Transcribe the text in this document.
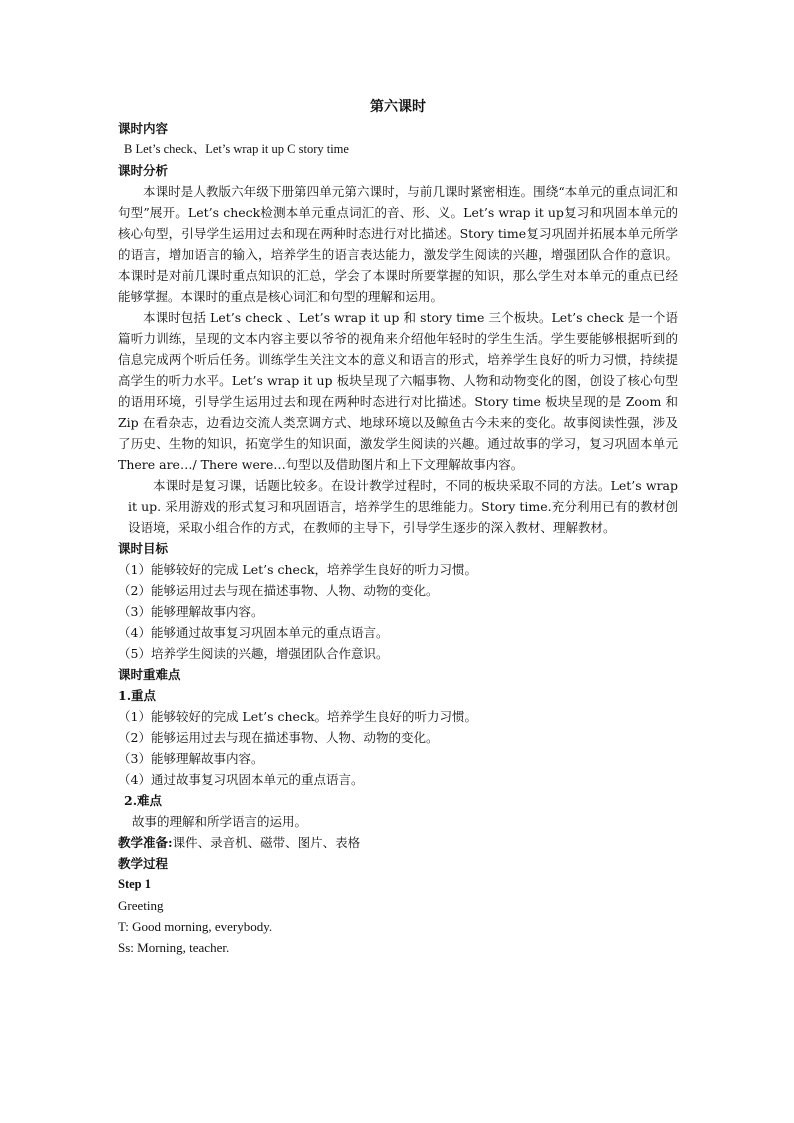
第六课时

课时内容

B Let’s check、Let’s wrap it up C story time

课时分析

本课时是人教版六年级下册第四单元第六课时，与前几课时紧密相连。围绕“本单元的重点词汇和句型”展开。Let’s check检测本单元重点词汇的音、形、义。Let’s wrap it up复习和巩固本单元的核心句型，引导学生运用过去和现在两种时态进行对比描述。Story time复习巩固并拓展本单元所学的语言，增加语言的输入，培养学生的语言表达能力，激发学生阅读的兴趣，增强团队合作的意识。本课时是对前几课时重点知识的汇总，学会了本课时所要掌握的知识，那么学生对本单元的重点已经能够掌握。本课时的重点是核心词汇和句型的理解和运用。

本课时包括 Let’s check 、Let’s wrap it up 和 story time 三个板块。Let’s check 是一个语篇听力训练，呈现的文本内容主要以爷爷的视角来介绍他年轻时的学生生活。学生要能够根据听到的信息完成两个听后任务。训练学生关注文本的意义和语言的形式，培养学生良好的听力习惯，持续提高学生的听力水平。Let’s wrap it up 板块呈现了六幅事物、人物和动物变化的图，创设了核心句型的语用环境，引导学生运用过去和现在两种时态进行对比描述。Story time 板块呈现的是 Zoom 和 Zip 在看杂志，边看边交流人类烹调方式、地球环境以及鲸鱼古今未来的变化。故事阅读性强，涉及了历史、生物的知识，拓宽学生的知识面，激发学生阅读的兴趣。通过故事的学习，复习巩固本单元 There are…/ There were…句型以及借助图片和上下文理解故事内容。

本课时是复习课，话题比较多。在设计教学过程时，不同的板块采取不同的方法。Let’s wrap it up. 采用游戏的形式复习和巩固语言，培养学生的思维能力。Story time.充分利用已有的教材创设语境，采取小组合作的方式，在教师的主导下，引导学生逐步的深入教材、理解教材。

课时目标

（1）能够较好的完成 Let’s check，培养学生良好的听力习惯。

（2）能够运用过去与现在描述事物、人物、动物的变化。

（3）能够理解故事内容。

（4）能够通过故事复习巩固本单元的重点语言。

（5）培养学生阅读的兴趣，增强团队合作意识。

课时重难点

1.重点

（1）能够较好的完成 Let’s check。培养学生良好的听力习惯。

（2）能够运用过去与现在描述事物、人物、动物的变化。

（3）能够理解故事内容。

（4）通过故事复习巩固本单元的重点语言。

2.难点

故事的理解和所学语言的运用。

教学准备:课件、录音机、磁带、图片、表格

教学过程

Step 1

Greeting

T: Good morning, everybody.

Ss: Morning, teacher.
